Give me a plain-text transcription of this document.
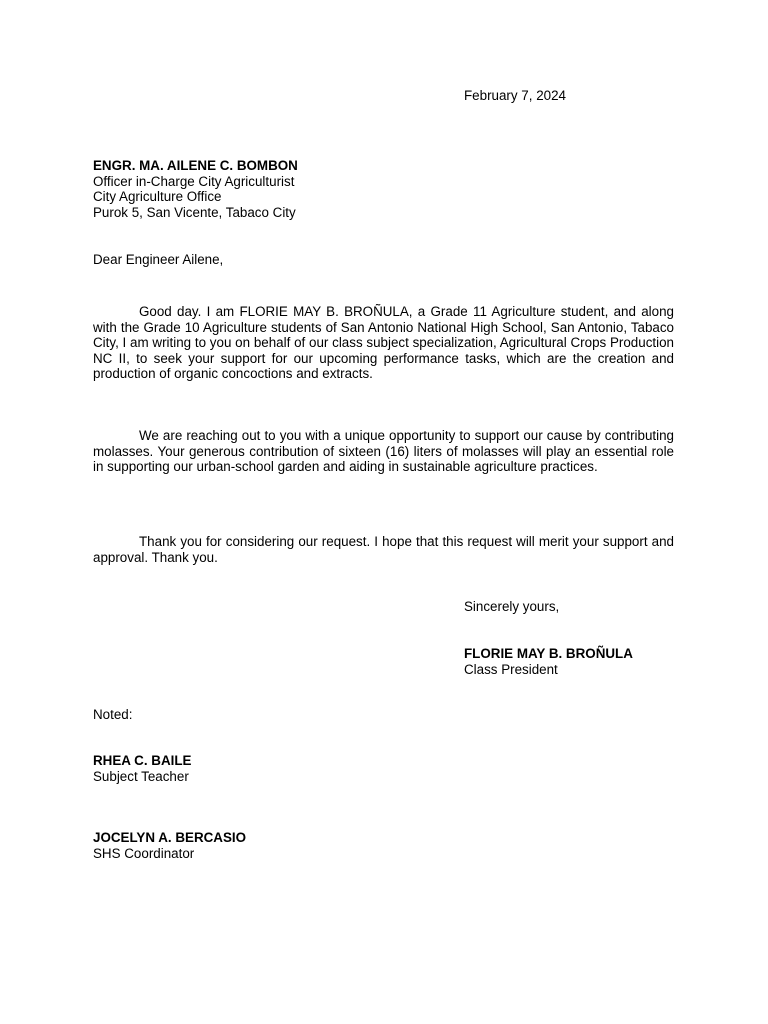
February 7, 2024
ENGR. MA. AILENE C. BOMBON
Officer in-Charge City Agriculturist
City Agriculture Office
Purok 5, San Vicente, Tabaco City
Dear Engineer Ailene,

Good day. I am FLORIE MAY B. BROÑULA, a Grade 11 Agriculture student, and along with the Grade 10 Agriculture students of San Antonio National High School, San Antonio, Tabaco City, I am writing to you on behalf of our class subject specialization, Agricultural Crops Production NC II, to seek your support for our upcoming performance tasks, which are the creation and production of organic concoctions and extracts.

We are reaching out to you with a unique opportunity to support our cause by contributing molasses. Your generous contribution of sixteen (16) liters of molasses will play an essential role in supporting our urban-school garden and aiding in sustainable agriculture practices.

Thank you for considering our request. I hope that this request will merit your support and approval. Thank you.

Sincerely yours,
FLORIE MAY B. BROÑULA
Class President
Noted:
RHEA C. BAILE
Subject Teacher
JOCELYN A. BERCASIO
SHS Coordinator
